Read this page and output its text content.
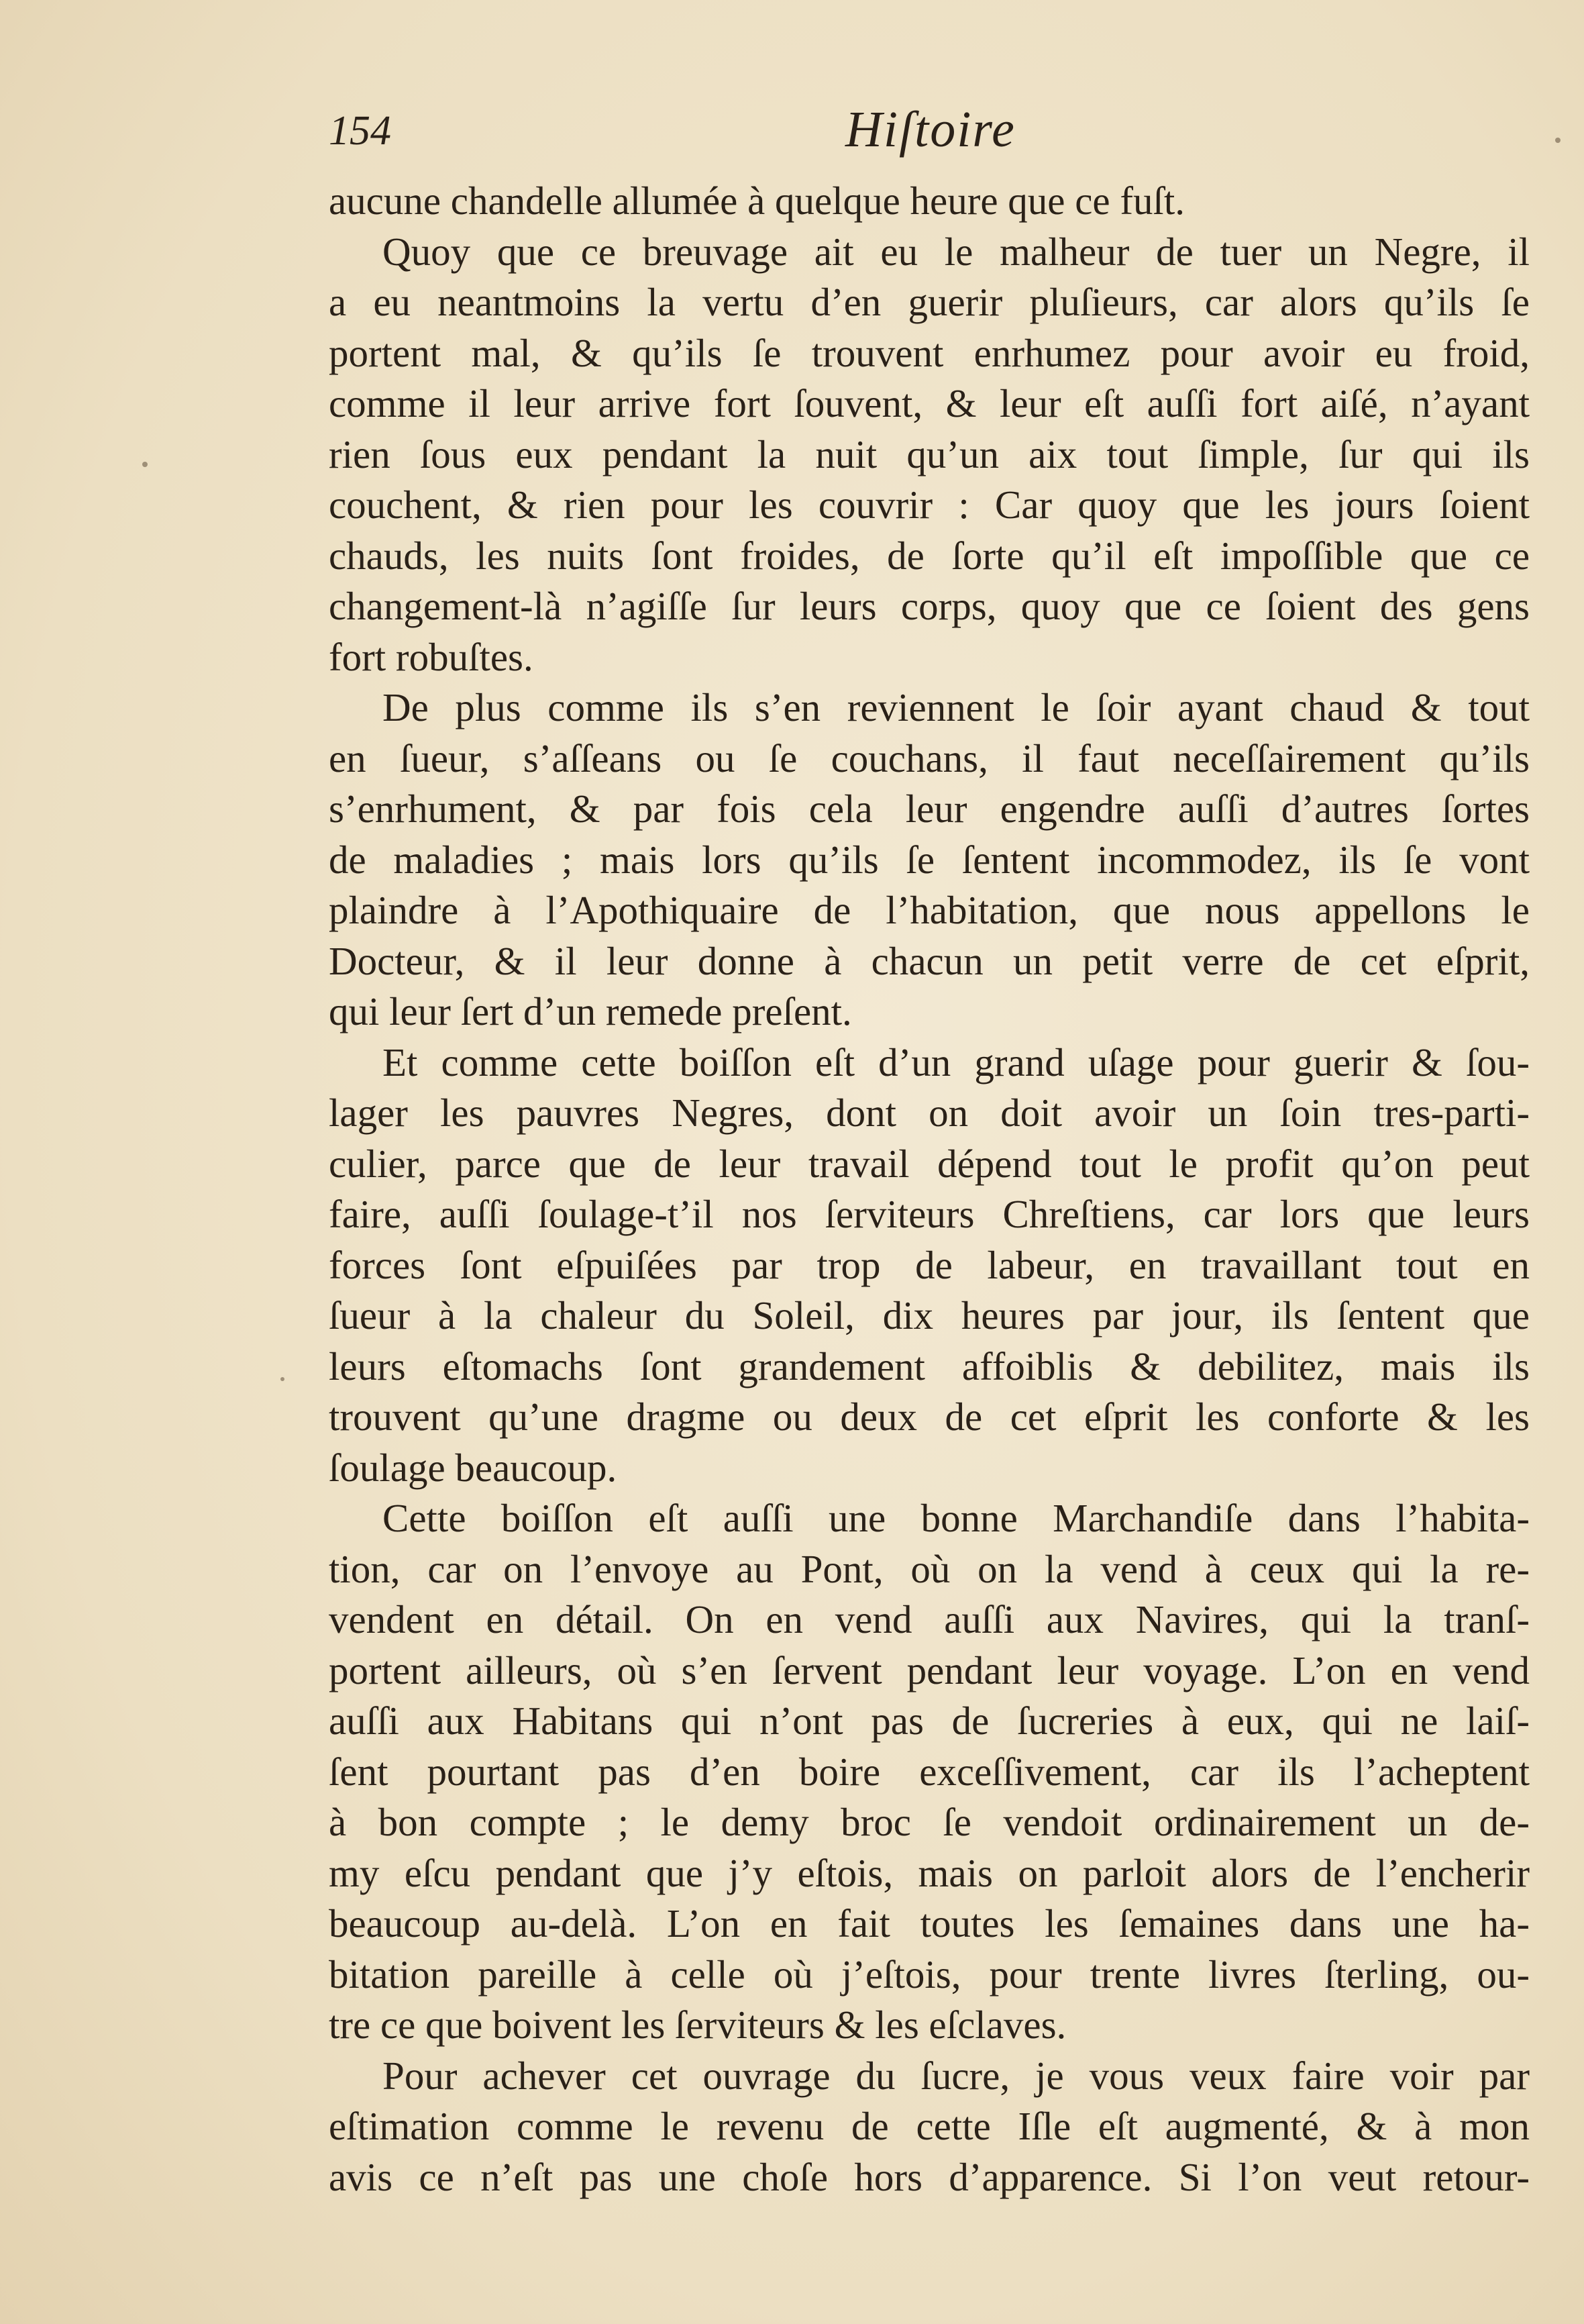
154	Hiſtoire
aucune chandelle allumée à quelque heure que ce fuſt.
Quoy que ce breuvage ait eu le malheur de tuer un Negre, il
a eu neantmoins la vertu d’en guerir pluſieurs, car alors qu’ils ſe
portent mal, & qu’ils ſe trouvent enrhumez pour avoir eu froid,
comme il leur arrive fort ſouvent, & leur eſt auſſi fort aiſé, n’ayant
rien ſous eux pendant la nuit qu’un aix tout ſimple, ſur qui ils
couchent, & rien pour les couvrir : Car quoy que les jours ſoient
chauds, les nuits ſont froides, de ſorte qu’il eſt impoſſible que ce
changement-là n’agiſſe ſur leurs corps, quoy que ce ſoient des gens
fort robuſtes.
De plus comme ils s’en reviennent le ſoir ayant chaud & tout
en ſueur, s’aſſeans ou ſe couchans, il faut neceſſairement qu’ils
s’enrhument, & par fois cela leur engendre auſſi d’autres ſortes
de maladies ; mais lors qu’ils ſe ſentent incommodez, ils ſe vont
plaindre à l’Apothiquaire de l’habitation, que nous appellons le
Docteur, & il leur donne à chacun un petit verre de cet eſprit,
qui leur ſert d’un remede preſent.
Et comme cette boiſſon eſt d’un grand uſage pour guerir & ſou-
lager les pauvres Negres, dont on doit avoir un ſoin tres-parti-
culier, parce que de leur travail dépend tout le profit qu’on peut
faire, auſſi ſoulage-t’il nos ſerviteurs Chreſtiens, car lors que leurs
forces ſont eſpuiſées par trop de labeur, en travaillant tout en
ſueur à la chaleur du Soleil, dix heures par jour, ils ſentent que
leurs eſtomachs ſont grandement affoiblis & debilitez, mais ils
trouvent qu’une dragme ou deux de cet eſprit les conforte & les
ſoulage beaucoup.
Cette boiſſon eſt auſſi une bonne Marchandiſe dans l’habita-
tion, car on l’envoye au Pont, où on la vend à ceux qui la re-
vendent en détail. On en vend auſſi aux Navires, qui la tranſ-
portent ailleurs, où s’en ſervent pendant leur voyage. L’on en vend
auſſi aux Habitans qui n’ont pas de ſucreries à eux, qui ne laiſ-
ſent pourtant pas d’en boire exceſſivement, car ils l’acheptent
à bon compte ; le demy broc ſe vendoit ordinairement un de-
my eſcu pendant que j’y eſtois, mais on parloit alors de l’encherir
beaucoup au-delà. L’on en fait toutes les ſemaines dans une ha-
bitation pareille à celle où j’eſtois, pour trente livres ſterling, ou-
tre ce que boivent les ſerviteurs & les eſclaves.
Pour achever cet ouvrage du ſucre, je vous veux faire voir par
eſtimation comme le revenu de cette Iſle eſt augmenté, & à mon
avis ce n’eſt pas une choſe hors d’apparence. Si l’on veut retour-
